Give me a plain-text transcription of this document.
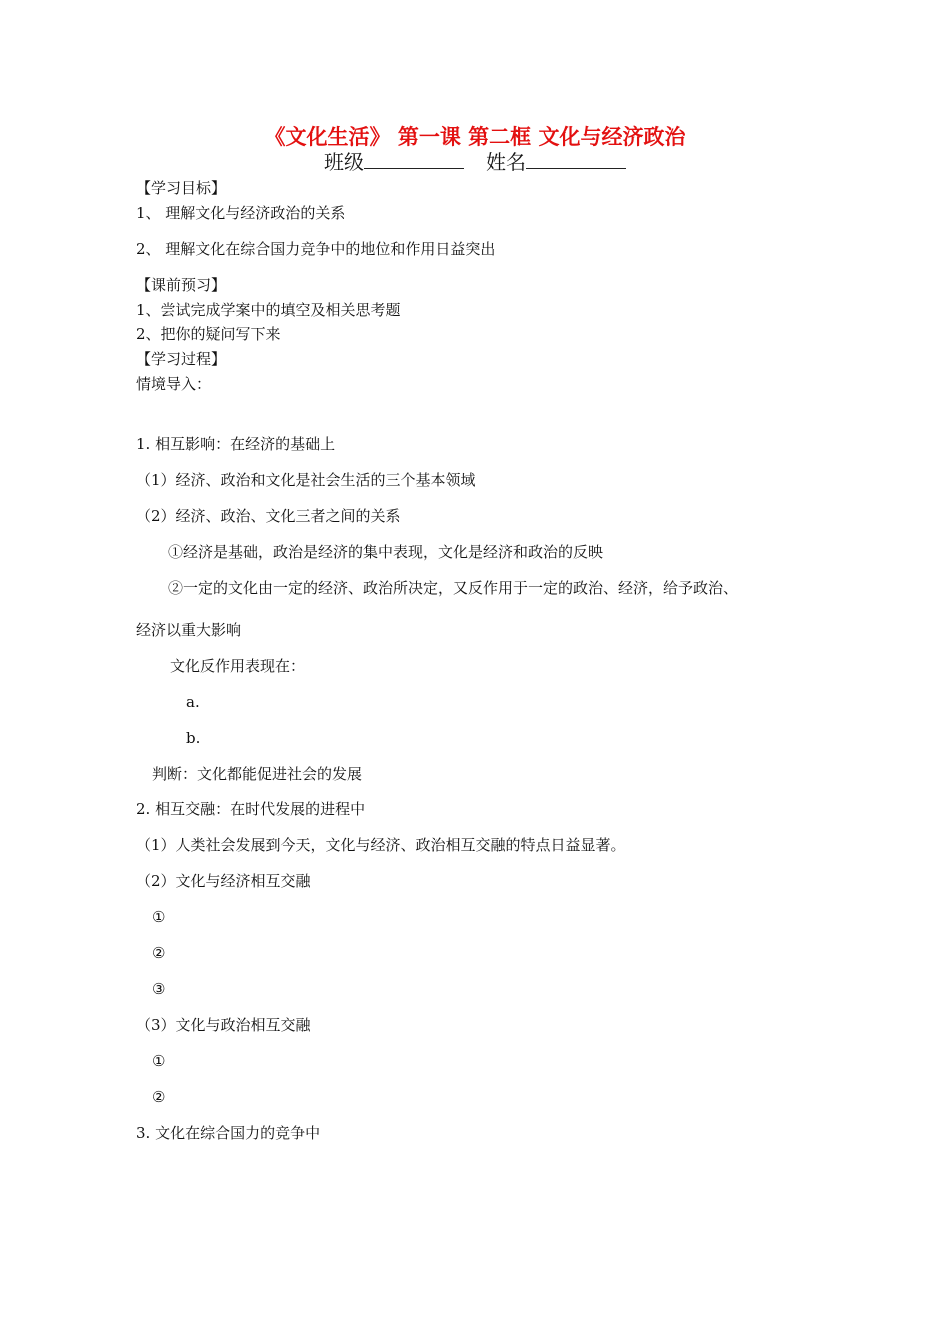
《文化生活》 第一课 第二框 文化与经济政治
班级	姓名
【学习目标】
1、 理解文化与经济政治的关系
2、 理解文化在综合国力竞争中的地位和作用日益突出
【课前预习】
1、尝试完成学案中的填空及相关思考题
2、把你的疑问写下来
【学习过程】
情境导入：
1. 相互影响：在经济的基础上
（1）经济、政治和文化是社会生活的三个基本领域
（2）经济、政治、文化三者之间的关系
①经济是基础，政治是经济的集中表现，文化是经济和政治的反映
②一定的文化由一定的经济、政治所决定，又反作用于一定的政治、经济，给予政治、
经济以重大影响
文化反作用表现在：
a.
b.
判断：文化都能促进社会的发展
2. 相互交融：在时代发展的进程中
（1）人类社会发展到今天，文化与经济、政治相互交融的特点日益显著。
（2）文化与经济相互交融
①
②
③
（3）文化与政治相互交融
①
②
3. 文化在综合国力的竞争中
